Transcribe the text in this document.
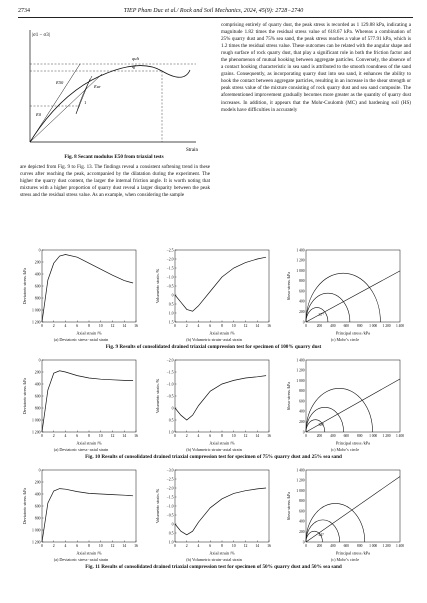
2734	TIEP Pham Duc et al./ Rock and Soil Mechanics, 2024, 45(9): 2728−2740
|σ1 − σ3|
Strain
qult
qf
E50
Eur
E0
1
Fig. 8 Secant modulus E50 from triaxial tests

are depicted from Fig. 9 to Fig. 13. The findings reveal a consistent softening trend in these curves after reaching the peak, accompanied by the dilatation during the experiment. The higher the quarry dust content, the larger the internal friction angle. It is worth noting that mixtures with a higher proportion of quarry dust reveal a larger disparity between the peak stress and the residual stress value. As an example, when considering the sample

comprising entirely of quarry dust, the peak stress is recorded as 1 129.88 kPa, indicating a magnitude 1.82 times the residual stress value of 618.67 kPa. Whereas a combination of 25% quarry dust and 75% sea sand, the peak stress reaches a value of 577.91 kPa, which is 1.2 times the residual stress value. These outcomes can be related with the angular shape and rough surface of rock quarry dust, that play a significant role in both the friction factor and the phenomenon of mutual hooking between aggregate particles. Conversely, the absence of a contact hooking characteristic in sea sand is attributed to the smooth roundness of the sand grains. Consequently, as incorporating quarry dust into sea sand, it enhances the ability to hook the contact between aggregate particles, resulting in an increase in the shear strength or peak stress value of the mixture consisting of rock quarry dust and sea sand composite. The aforementioned improvement gradually becomes more greater as the quantity of quarry dust increases. In addition, it appears that the Mohr-Coulomb (MC) and hardening soil (HS) models have difficulties in accurately

0	2	4	6	8 10 12 14 16
0
200
400
600
800
1 000
1 200
Axial strain /%
Deviatoric stress /kPa
0	2	4	6	8 10 12 14 16
−2.5
−2.0
−1.5
−1.0
−0.5
0
0.5
1.0
1.5
Axial strain /%
Volumetric strain /%
0	200 400 600 800 1 000 1 200 1 400
0
200
400
600
800
1 000
1 200
1 400
37°
Principal stress /kPa
Shear stress /kPa
(a) Deviatoric stress−axial strain	(b) Volumetric strain−axial strain	(c) Mohr’s circle
Fig. 9 Results of consolidated drained triaxial compression test for specimen of 100% quarry dust
0	2	4	6	8 10 12 14 16
0
200
400
600
800
1 000
1 200
Axial strain /%
Deviatoric stress /kPa
0	2	4	6	8 10 12 14 16
−2.0
−1.5
−1.0
−0.5
0
0.5
1.0
Axial strain /%
Volumetric strain /%
0	200 400 600 800 1 000 1 200 1 400
0
200
400
600
800
1 000
1 200
1 400
38°
Principal stress /kPa
Shear stress /kPa
(a) Deviatoric stress−axial strain	(b) Volumetric strain−axial strain	(c) Mohr’s circle
Fig. 10 Results of consolidated drained triaxial compression test for specimen of 75% quarry dust and 25% sea sand
0	2	4	6	8 10 12 14 16
0
200
400
600
800
1 000
1 200
Axial strain /%
Deviatoric stress /kPa
0	2	4	6	8 10 12 14 16
−3.0
−2.5
−2.0
−1.5
−1.0
−0.5
0
0.5
1.0
Axial strain /%
Volumetric strain /%
0	200 400 600 800 1 000 1 200 1 400
0
200
400
600
800
1 000
1 200
1 400
44°
Principal stress /kPa
Shear stress /kPa
(a) Deviatoric stress−axial strain	(b) Volumetric strain−axial strain	(c) Mohr’s circle
Fig. 11 Results of consolidated drained triaxial compression test for specimen of 50% quarry dust and 50% sea sand
